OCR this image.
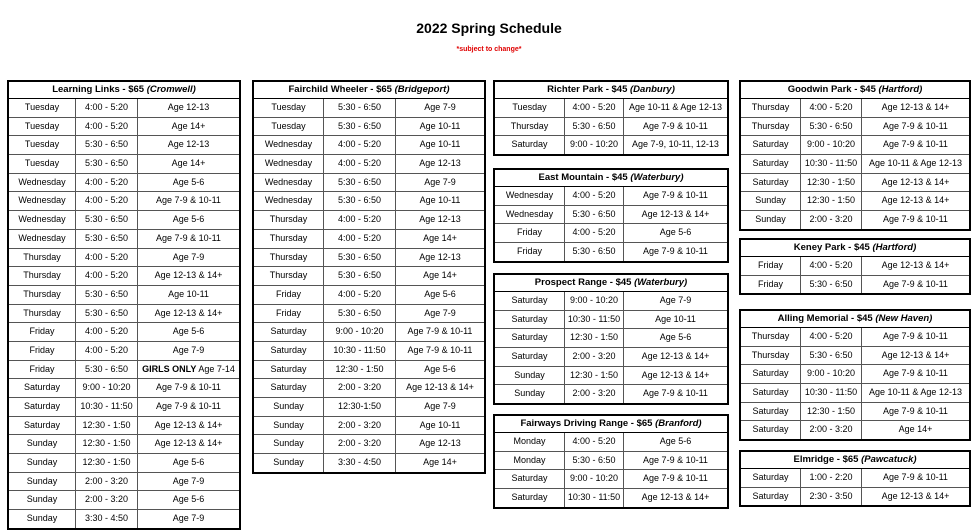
2022 Spring Schedule
*subject to change*
Learning Links - $65 (Cromwell)
Tuesday	4:00 - 5:20	Age 12-13
Tuesday	4:00 - 5:20	Age 14+
Tuesday	5:30 - 6:50	Age 12-13
Tuesday	5:30 - 6:50	Age 14+
Wednesday	4:00 - 5:20	Age 5-6
Wednesday	4:00 - 5:20	Age 7-9 & 10-11
Wednesday	5:30 - 6:50	Age 5-6
Wednesday	5:30 - 6:50	Age 7-9 & 10-11
Thursday	4:00 - 5:20	Age 7-9
Thursday	4:00 - 5:20	Age 12-13 & 14+
Thursday	5:30 - 6:50	Age 10-11
Thursday	5:30 - 6:50	Age 12-13 & 14+
Friday	4:00 - 5:20	Age 5-6
Friday	4:00 - 5:20	Age 7-9
Friday	5:30 - 6:50	GIRLS ONLY Age 7-14
Saturday	9:00 - 10:20	Age 7-9 & 10-11
Saturday	10:30 - 11:50	Age 7-9 & 10-11
Saturday	12:30 - 1:50	Age 12-13 & 14+
Sunday	12:30 - 1:50	Age 12-13 & 14+
Sunday	12:30 - 1:50	Age 5-6
Sunday	2:00 - 3:20	Age 7-9
Sunday	2:00 - 3:20	Age 5-6
Sunday	3:30 - 4:50	Age 7-9
Fairchild Wheeler - $65 (Bridgeport)
Tuesday	5:30 - 6:50	Age 7-9
Tuesday	5:30 - 6:50	Age 10-11
Wednesday	4:00 - 5:20	Age 10-11
Wednesday	4:00 - 5:20	Age 12-13
Wednesday	5:30 - 6:50	Age 7-9
Wednesday	5:30 - 6:50	Age 10-11
Thursday	4:00 - 5:20	Age 12-13
Thursday	4:00 - 5:20	Age 14+
Thursday	5:30 - 6:50	Age 12-13
Thursday	5:30 - 6:50	Age 14+
Friday	4:00 - 5:20	Age 5-6
Friday	5:30 - 6:50	Age 7-9
Saturday	9:00 - 10:20	Age 7-9 & 10-11
Saturday	10:30 - 11:50	Age 7-9 & 10-11
Saturday	12:30 - 1:50	Age 5-6
Saturday	2:00 - 3:20	Age 12-13 & 14+
Sunday	12:30-1:50	Age 7-9
Sunday	2:00 - 3:20	Age 10-11
Sunday	2:00 - 3:20	Age 12-13
Sunday	3:30 - 4:50	Age 14+
Richter Park - $45 (Danbury)
Tuesday	4:00 - 5:20	Age 10-11 & Age 12-13
Thursday	5:30 - 6:50	Age 7-9 & 10-11
Saturday	9:00 - 10:20	Age 7-9, 10-11, 12-13
East Mountain - $45 (Waterbury)
Wednesday	4:00 - 5:20	Age 7-9 & 10-11
Wednesday	5:30 - 6:50	Age 12-13 & 14+
Friday	4:00 - 5:20	Age 5-6
Friday	5:30 - 6:50	Age 7-9 & 10-11
Prospect Range - $45 (Waterbury)
Saturday	9:00 - 10:20	Age 7-9
Saturday	10:30 - 11:50	Age 10-11
Saturday	12:30 - 1:50	Age 5-6
Saturday	2:00 - 3:20	Age 12-13 & 14+
Sunday	12:30 - 1:50	Age 12-13 & 14+
Sunday	2:00 - 3:20	Age 7-9 & 10-11
Fairways Driving Range - $65 (Branford)
Monday	4:00 - 5:20	Age 5-6
Monday	5:30 - 6:50	Age 7-9 & 10-11
Saturday	9:00 - 10:20	Age 7-9 & 10-11
Saturday	10:30 - 11:50	Age 12-13 & 14+
Goodwin Park - $45 (Hartford)
Thursday	4:00 - 5:20	Age 12-13 & 14+
Thursday	5:30 - 6:50	Age 7-9 & 10-11
Saturday	9:00 - 10:20	Age 7-9 & 10-11
Saturday	10:30 - 11:50	Age 10-11 & Age 12-13
Saturday	12:30 - 1:50	Age 12-13 & 14+
Sunday	12:30 - 1:50	Age 12-13 & 14+
Sunday	2:00 - 3:20	Age 7-9 & 10-11
Keney Park - $45 (Hartford)
Friday	4:00 - 5:20	Age 12-13 & 14+
Friday	5:30 - 6:50	Age 7-9 & 10-11
Alling Memorial - $45 (New Haven)
Thursday	4:00 - 5:20	Age 7-9 & 10-11
Thursday	5:30 - 6:50	Age 12-13 & 14+
Saturday	9:00 - 10:20	Age 7-9 & 10-11
Saturday	10:30 - 11:50	Age 10-11 & Age 12-13
Saturday	12:30 - 1:50	Age 7-9 & 10-11
Saturday	2:00 - 3:20	Age 14+
Elmridge - $65 (Pawcatuck)
Saturday	1:00 - 2:20	Age 7-9 & 10-11
Saturday	2:30 - 3:50	Age 12-13 & 14+
